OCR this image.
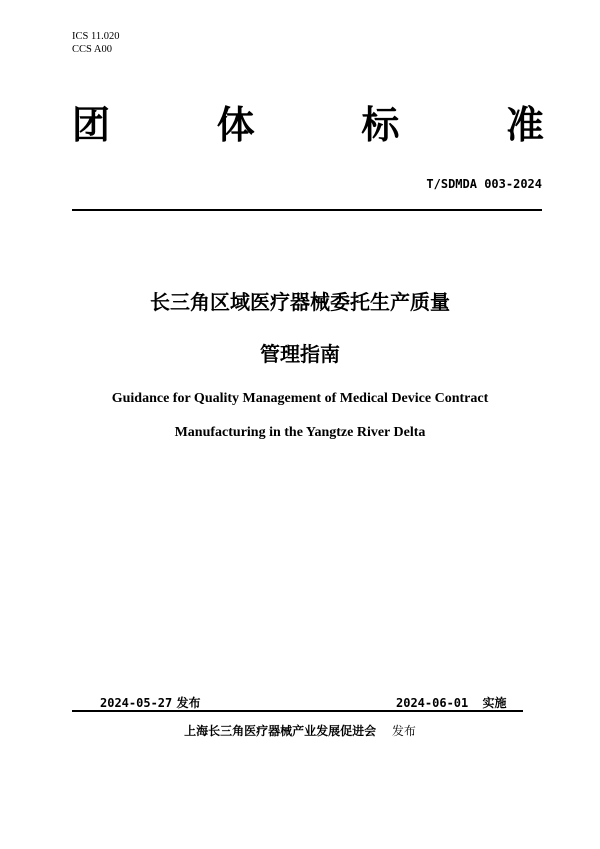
ICS 11.020
CCS A00
团	体	标	准
T/SDMDA 003-2024
长三角区域医疗器械委托生产质量
管理指南
Guidance for Quality Management of Medical Device Contract
Manufacturing in the Yangtze River Delta
2024-05-27 发布	2024-06-01 实施
上海长三角医疗器械产业发展促进会 发布
